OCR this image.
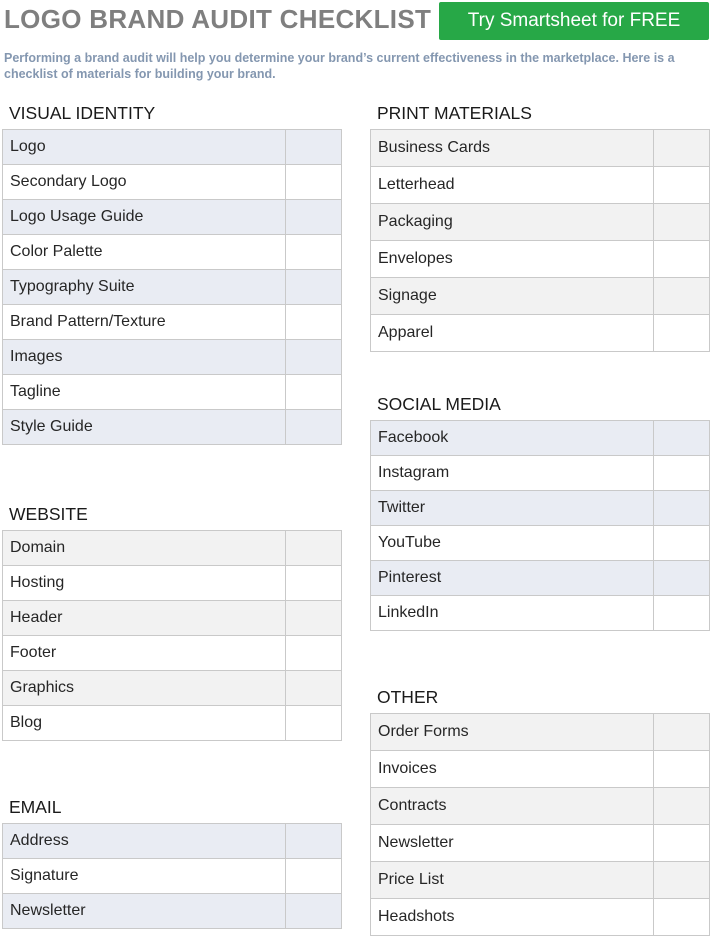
LOGO BRAND AUDIT CHECKLIST	Try Smartsheet for FREE

Performing a brand audit will help you determine your brand’s current effectiveness in the marketplace. Here is a checklist of materials for building your brand.

VISUAL IDENTITY
Logo	
Secondary Logo	
Logo Usage Guide	
Color Palette	
Typography Suite	
Brand Pattern/Texture	
Images	
Tagline	
Style Guide	
WEBSITE
Domain	
Hosting	
Header	
Footer	
Graphics	
Blog	
EMAIL
Address	
Signature	
Newsletter	
PRINT MATERIALS
Business Cards	
Letterhead	
Packaging	
Envelopes	
Signage	
Apparel	
SOCIAL MEDIA
Facebook	
Instagram	
Twitter	
YouTube	
Pinterest	
LinkedIn	
OTHER
Order Forms	
Invoices	
Contracts	
Newsletter	
Price List	
Headshots	
